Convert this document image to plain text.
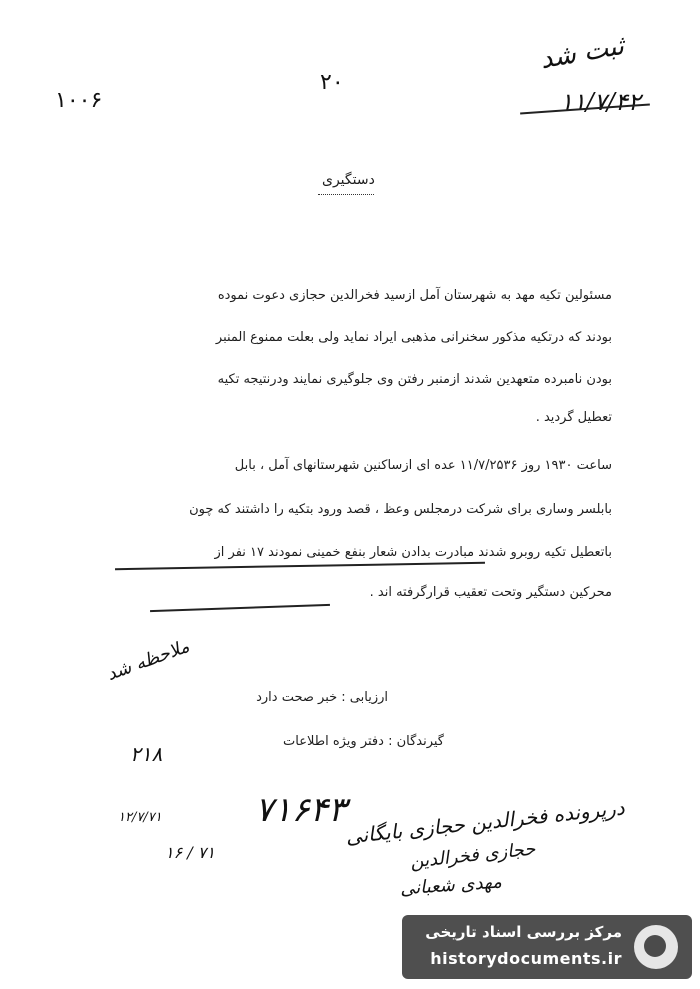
۲۰
۱۰۰۶
ثبت شد
۱۱/۷/۴۲
دستگیری
مسئولین تکیه مهد به شهرستان آمل ازسید فخرالدین حجازی دعوت نموده
بودند که درتکیه مذکور سخنرانی مذهبی ایراد نماید ولی بعلت ممنوع المنبر
بودن نامبرده متعهدین شدند ازمنبر رفتن وی جلوگیری نمایند ودرنتیجه تکیه
تعطیل گردید .
ساعت ۱۹۳۰ روز ۱۱/۷/۲۵۳۶ عده ای ازساکنین شهرستانهای آمل ، بابل
بابلسر وساری برای شرکت درمجلس وعظ ، قصد ورود بتکیه را داشتند که چون
باتعطیل تکیه روبرو شدند مبادرت بدادن شعار بنفع خمینی نمودند ۱۷ نفر از
محرکین دستگیر وتحت تعقیب قرارگرفته اند .
ملاحظه شد
ارزیابی : خبر صحت دارد
گیرندگان : دفتر ویژه اطلاعات
۲۱۸
۷۱۶۴۳
درپرونده فخرالدین حجازی بایگانی
حجازی فخرالدین
مهدی شعبانی
۱۲/۷/۷۱
۱۶ / ۷۱
مرکز بررسی اسناد تاریخی
historydocuments.ir
